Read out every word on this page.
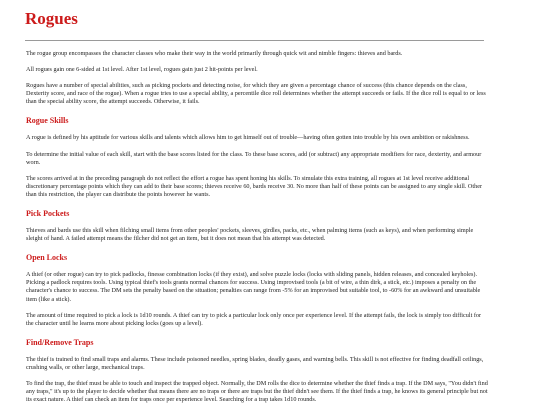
Rogues

The rogue group encompasses the character classes who make their way in the world primarily through quick wit and nimble fingers: thieves and bards.

All rogues gain one 6-sided at 1st level. After 1st level, rogues gain just 2 hit-points per level.

Rogues have a number of special abilities, such as picking pockets and detecting noise, for which they are given a percentage chance of success (this chance depends on the class, Dexterity score, and race of the rogue). When a rogue tries to use a special ability, a percentile dice roll determines whether the attempt succeeds or fails. If the dice roll is equal to or less than the special ability score, the attempt succeeds. Otherwise, it fails.

Rogue Skills

A rogue is defined by his aptitude for various skills and talents which allows him to get himself out of trouble—having often gotten into trouble by his own ambition or rakishness.

To determine the initial value of each skill, start with the base scores listed for the class. To these base scores, add (or subtract) any appropriate modifiers for race, dexterity, and armour worn.

The scores arrived at in the preceding paragraph do not reflect the effort a rogue has spent honing his skills. To simulate this extra training, all rogues at 1st level receive additional discretionary percentage points which they can add to their base scores; thieves receive 60, bards receive 30. No more than half of these points can be assigned to any single skill. Other than this restriction, the player can distribute the points however he wants.

Pick Pockets

Thieves and bards use this skill when filching small items from other peoples' pockets, sleeves, girdles, packs, etc., when palming items (such as keys), and when performing simple sleight of hand. A failed attempt means the filcher did not get an item, but it does not mean that his attempt was detected.

Open Locks

A thief (or other rogue) can try to pick padlocks, finesse combination locks (if they exist), and solve puzzle locks (locks with sliding panels, hidden releases, and concealed keyholes). Picking a padlock requires tools. Using typical thief's tools grants normal chances for success. Using improvised tools (a bit of wire, a thin dirk, a stick, etc.) imposes a penalty on the character's chance to success. The DM sets the penalty based on the situation; penalties can range from -5% for an improvised but suitable tool, to -60% for an awkward and unsuitable item (like a stick).

The amount of time required to pick a lock is 1d10 rounds. A thief can try to pick a particular lock only once per experience level. If the attempt fails, the lock is simply too difficult for the character until he learns more about picking locks (goes up a level).

Find/Remove Traps

The thief is trained to find small traps and alarms. These include poisoned needles, spring blades, deadly gases, and warning bells. This skill is not effective for finding deadfall ceilings, crushing walls, or other large, mechanical traps.

To find the trap, the thief must be able to touch and inspect the trapped object. Normally, the DM rolls the dice to determine whether the thief finds a trap. If the DM says, "You didn't find any traps," it's up to the player to decide whether that means there are no traps or there are traps but the thief didn't see them. If the thief finds a trap, he knows its general principle but not its exact nature. A thief can check an item for traps once per experience level. Searching for a trap takes 1d10 rounds.
